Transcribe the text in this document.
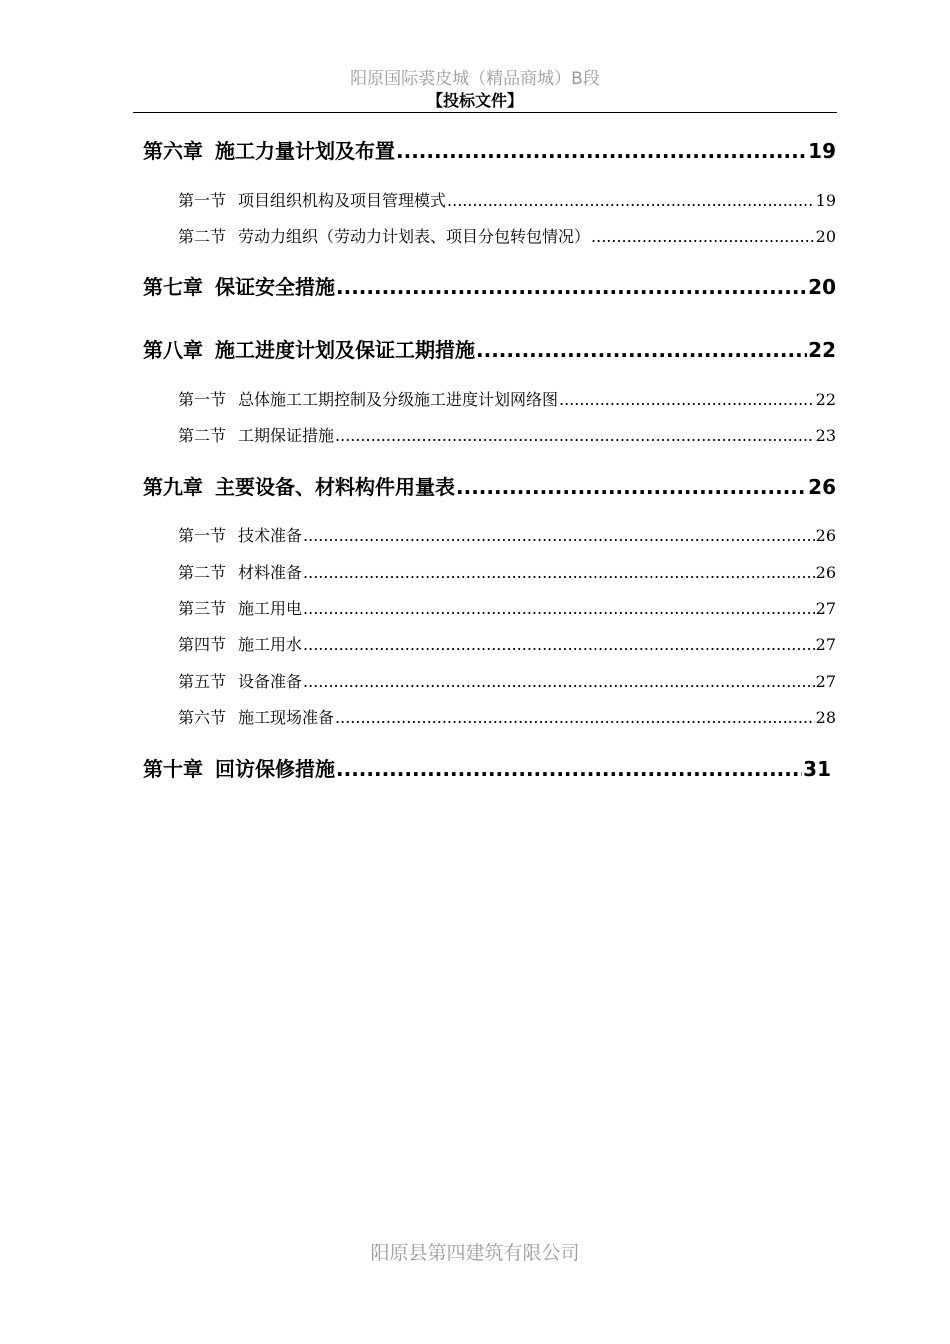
阳原国际裘皮城（精品商城）B段
【投标文件】
第六章 施工力量计划及布置 .....	19
第一节 项目组织机构及项目管理模式 .....	19
第二节 劳动力组织（劳动力计划表、项目分包转包情况） .....	20
第七章 保证安全措施 .....	20
第八章 施工进度计划及保证工期措施 .....	22
第一节 总体施工工期控制及分级施工进度计划网络图 .....	22
第二节 工期保证措施 .....	23
第九章 主要设备、材料构件用量表 .....	26
第一节 技术准备 .....	26
第二节 材料准备 .....	26
第三节 施工用电 .....	27
第四节 施工用水 .....	27
第五节 设备准备 .....	27
第六节 施工现场准备 .....	28
第十章 回访保修措施 .....	31
阳原县第四建筑有限公司
